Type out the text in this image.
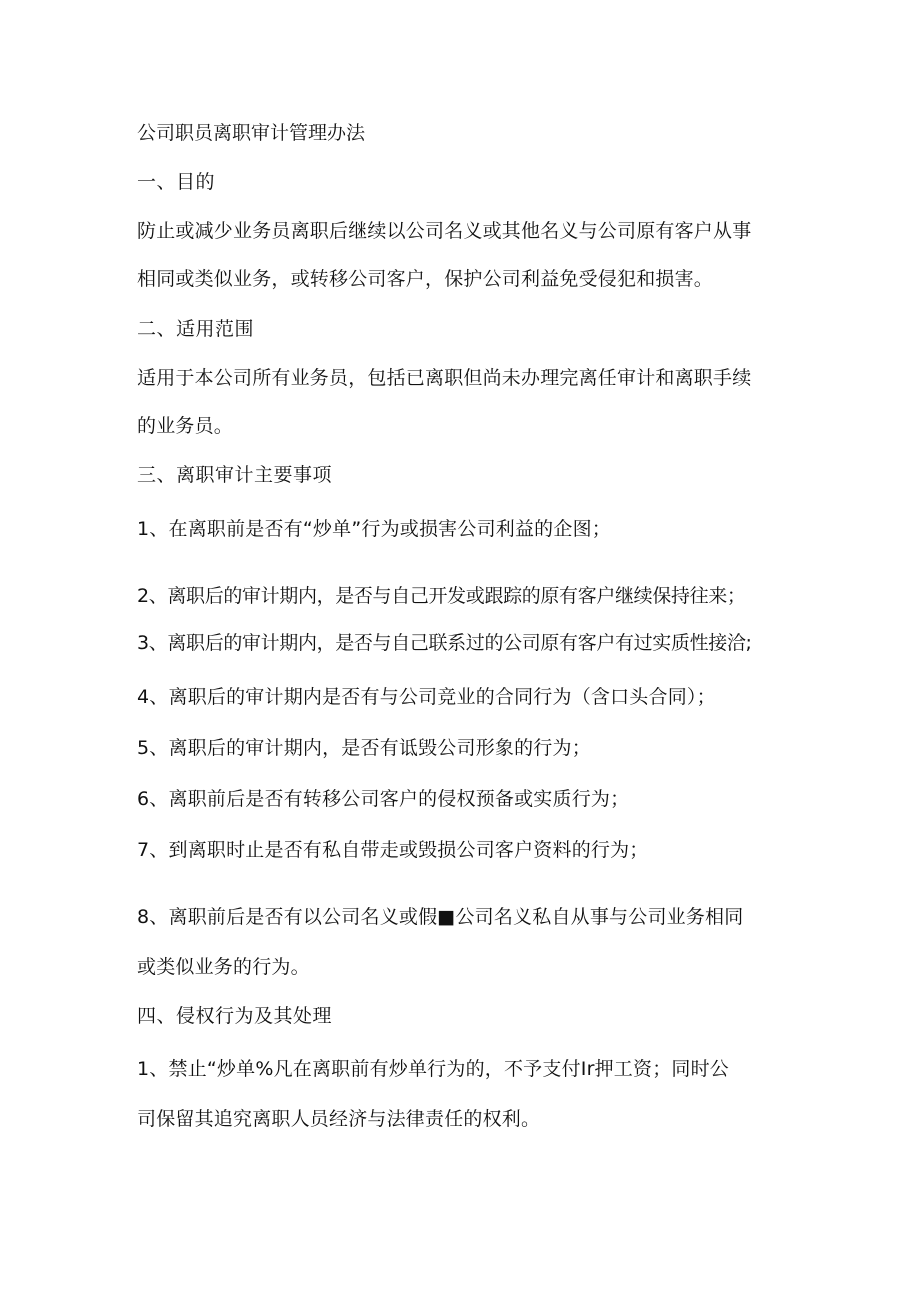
公司职员离职审计管理办法
一、目的
防止或减少业务员离职后继续以公司名义或其他名义与公司原有客户从事
相同或类似业务，或转移公司客户，保护公司利益免受侵犯和损害。
二、适用范围
适用于本公司所有业务员，包括已离职但尚未办理完离任审计和离职手续
的业务员。
三、离职审计主要事项
1、在离职前是否有“炒单”行为或损害公司利益的企图；
2、离职后的审计期内，是否与自己开发或跟踪的原有客户继续保持往来；
3、离职后的审计期内，是否与自己联系过的公司原有客户有过实质性接洽;
4、离职后的审计期内是否有与公司竞业的合同行为（含口头合同）；
5、离职后的审计期内，是否有诋毁公司形象的行为；
6、离职前后是否有转移公司客户的侵权预备或实质行为；
7、到离职时止是否有私自带走或毁损公司客户资料的行为；
8、离职前后是否有以公司名义或假■公司名义私自从事与公司业务相同
或类似业务的行为。
四、侵权行为及其处理
1、禁止“炒单%凡在离职前有炒单行为的，不予支付Ir押工资；同时公
司保留其追究离职人员经济与法律责任的权利。
